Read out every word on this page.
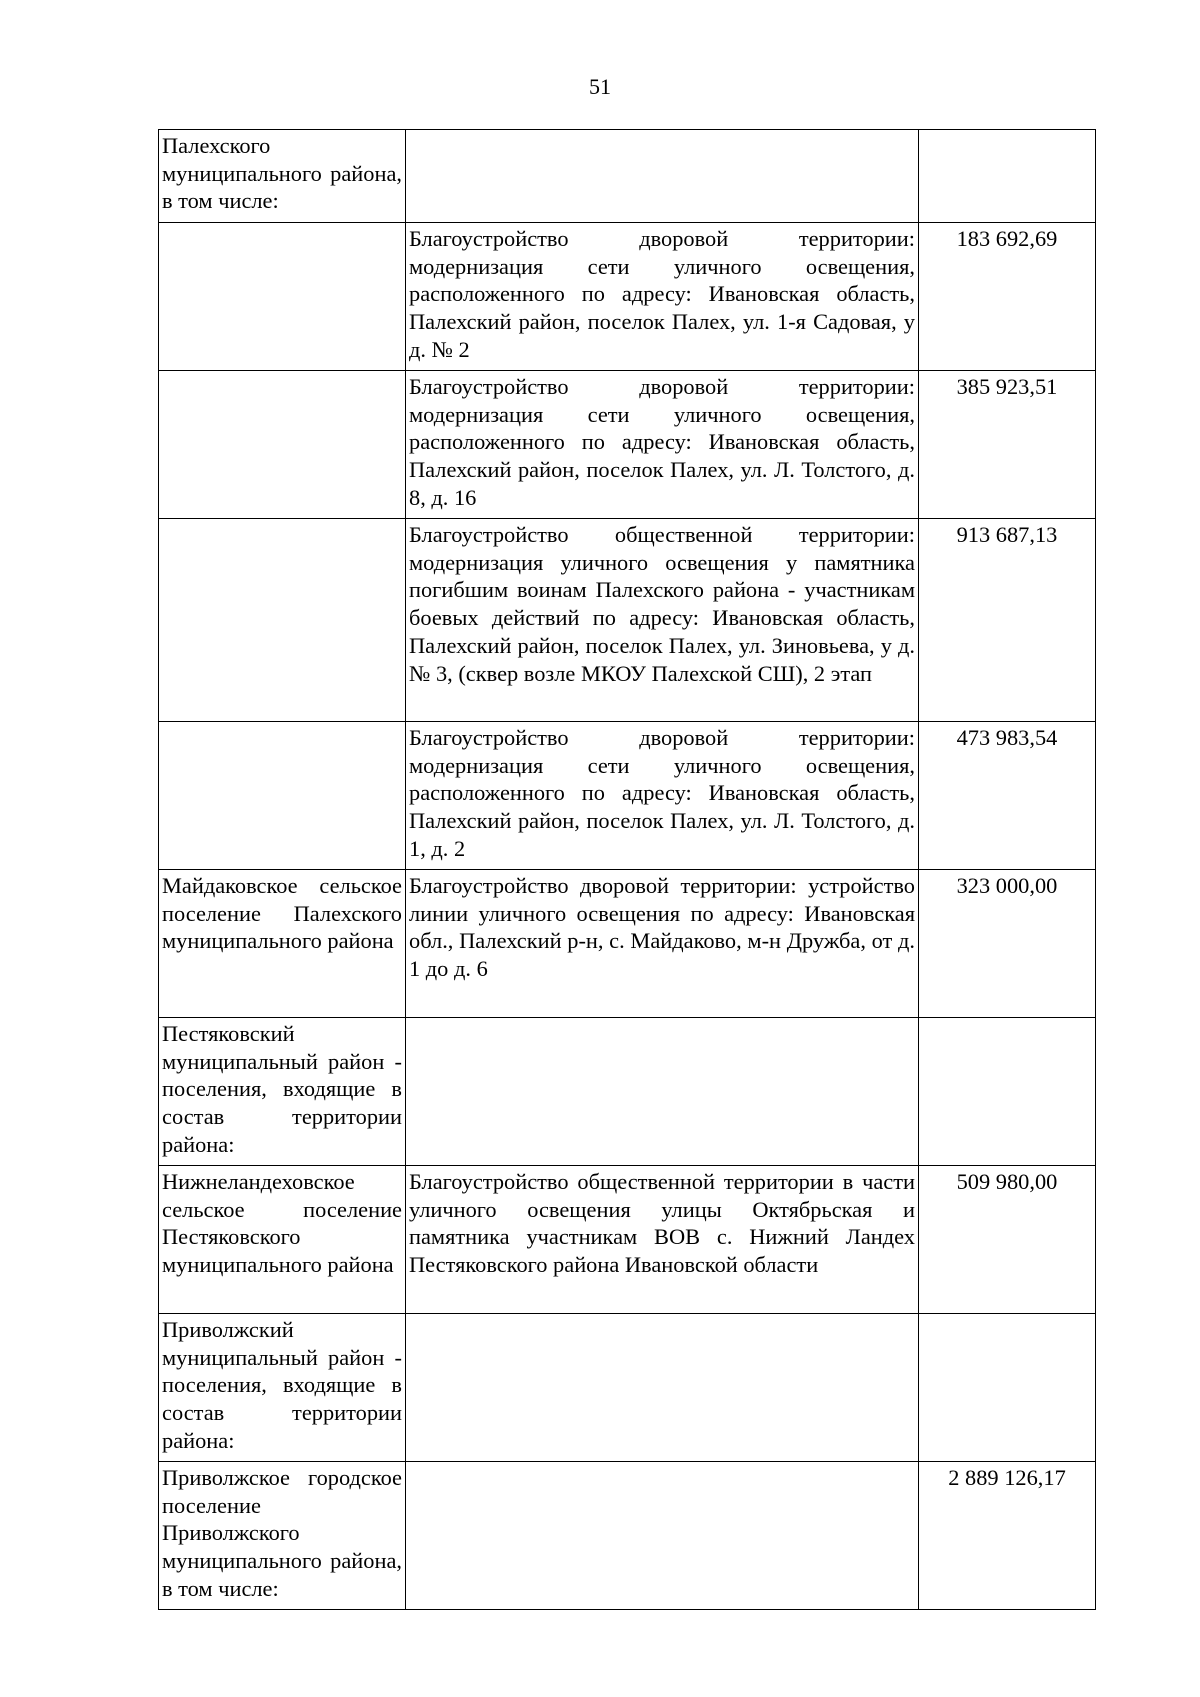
51
Палехского муниципального района, в том числе:		
	Благоустройство дворовой территории: модернизация сети уличного освещения, расположенного по адресу: Ивановская область, Палехский район, поселок Палех, ул. 1-я Садовая, у д. № 2	183 692,69
	Благоустройство дворовой территории: модернизация сети уличного освещения, расположенного по адресу: Ивановская область, Палехский район, поселок Палех, ул. Л. Толстого, д. 8, д. 16	385 923,51
	Благоустройство общественной территории: модернизация уличного освещения у памятника погибшим воинам Палехского района - участникам боевых действий по адресу: Ивановская область, Палехский район, поселок Палех, ул. Зиновьева, у д. № 3, (сквер возле МКОУ Палехской СШ), 2 этап	913 687,13
	Благоустройство дворовой территории: модернизация сети уличного освещения, расположенного по адресу: Ивановская область, Палехский район, поселок Палех, ул. Л. Толстого, д. 1, д. 2	473 983,54
Майдаковское сельское поселение Палехского муниципального района	Благоустройство дворовой территории: устройство линии уличного освещения по адресу: Ивановская обл., Палехский р-н, с. Майдаково, м-н Дружба, от д. 1 до д. 6	323 000,00
Пестяковский муниципальный район - поселения, входящие в состав территории района:		
Нижнеландеховское сельское поселение Пестяковского муниципального района	Благоустройство общественной территории в части уличного освещения улицы Октябрьская и памятника участникам ВОВ с. Нижний Ландех Пестяковского района Ивановской области	509 980,00
Приволжский муниципальный район - поселения, входящие в состав территории района:		
Приволжское городское поселение Приволжского муниципального района, в том числе:		2 889 126,17
